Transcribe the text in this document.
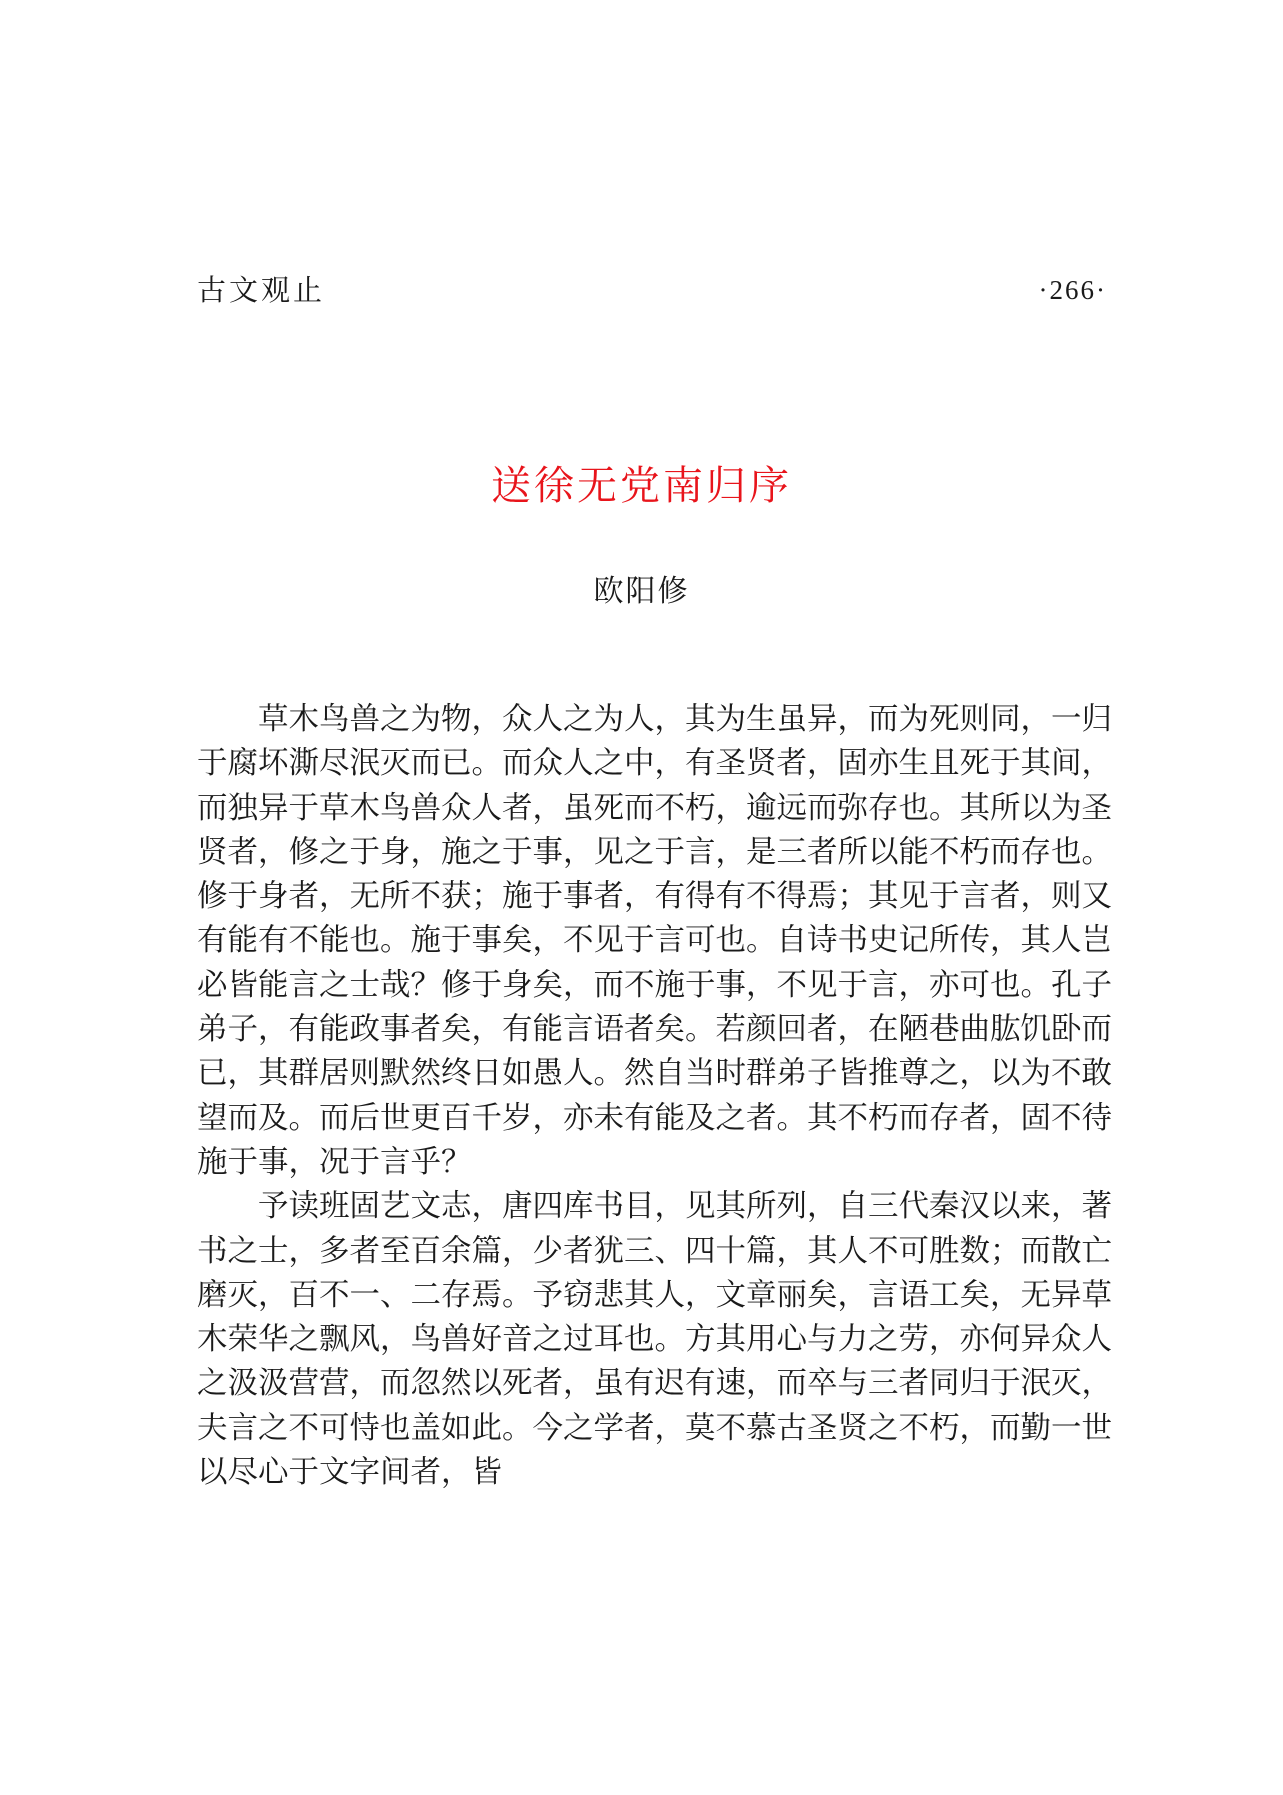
古文观止	·266·
送徐无党南归序
欧阳修

草木鸟兽之为物，众人之为人，其为生虽异，而为死则同，一归于腐坏澌尽泯灭而已。而众人之中，有圣贤者，固亦生且死于其间，而独异于草木鸟兽众人者，虽死而不朽，逾远而弥存也。其所以为圣贤者，修之于身，施之于事，见之于言，是三者所以能不朽而存也。修于身者，无所不获；施于事者，有得有不得焉；其见于言者，则又有能有不能也。施于事矣，不见于言可也。自诗书史记所传，其人岂必皆能言之士哉？修于身矣，而不施于事，不见于言，亦可也。孔子弟子，有能政事者矣，有能言语者矣。若颜回者，在陋巷曲肱饥卧而已，其群居则默然终日如愚人。然自当时群弟子皆推尊之，以为不敢望而及。而后世更百千岁，亦未有能及之者。其不朽而存者，固不待施于事，况于言乎？

予读班固艺文志，唐四库书目，见其所列，自三代秦汉以来，著书之士，多者至百余篇，少者犹三、四十篇，其人不可胜数；而散亡磨灭，百不一、二存焉。予窃悲其人，文章丽矣，言语工矣，无异草木荣华之飘风，鸟兽好音之过耳也。方其用心与力之劳，亦何异众人之汲汲营营，而忽然以死者，虽有迟有速，而卒与三者同归于泯灭，夫言之不可恃也盖如此。今之学者，莫不慕古圣贤之不朽，而勤一世以尽心于文字间者，皆
